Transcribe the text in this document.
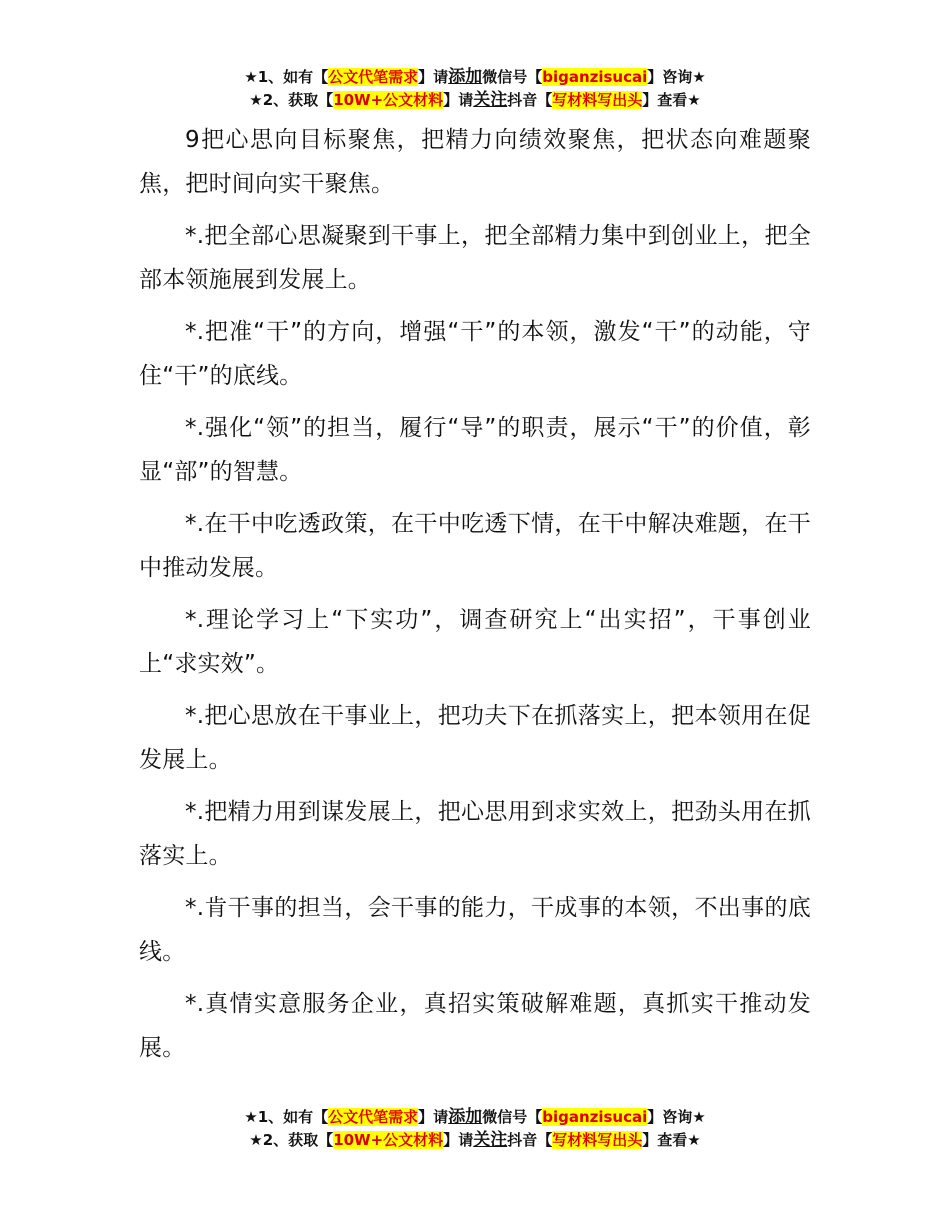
★1、如有【公文代笔需求】请添加微信号【biganzisucai】咨询★
★2、获取【10W+公文材料】请关注抖音【写材料写出头】查看★

9把心思向目标聚焦，把精力向绩效聚焦，把状态向难题聚焦，把时间向实干聚焦。

*.把全部心思凝聚到干事上，把全部精力集中到创业上，把全部本领施展到发展上。

*.把准“干”的方向，增强“干”的本领，激发“干”的动能，守住“干”的底线。

*.强化“领”的担当，履行“导”的职责，展示“干”的价值，彰显“部”的智慧。

*.在干中吃透政策，在干中吃透下情，在干中解决难题，在干中推动发展。

*.理论学习上“下实功”，调查研究上“出实招”，干事创业上“求实效”。

*.把心思放在干事业上，把功夫下在抓落实上，把本领用在促发展上。

*.把精力用到谋发展上，把心思用到求实效上，把劲头用在抓落实上。

*.肯干事的担当，会干事的能力，干成事的本领，不出事的底线。

*.真情实意服务企业，真招实策破解难题，真抓实干推动发展。

★1、如有【公文代笔需求】请添加微信号【biganzisucai】咨询★
★2、获取【10W+公文材料】请关注抖音【写材料写出头】查看★
